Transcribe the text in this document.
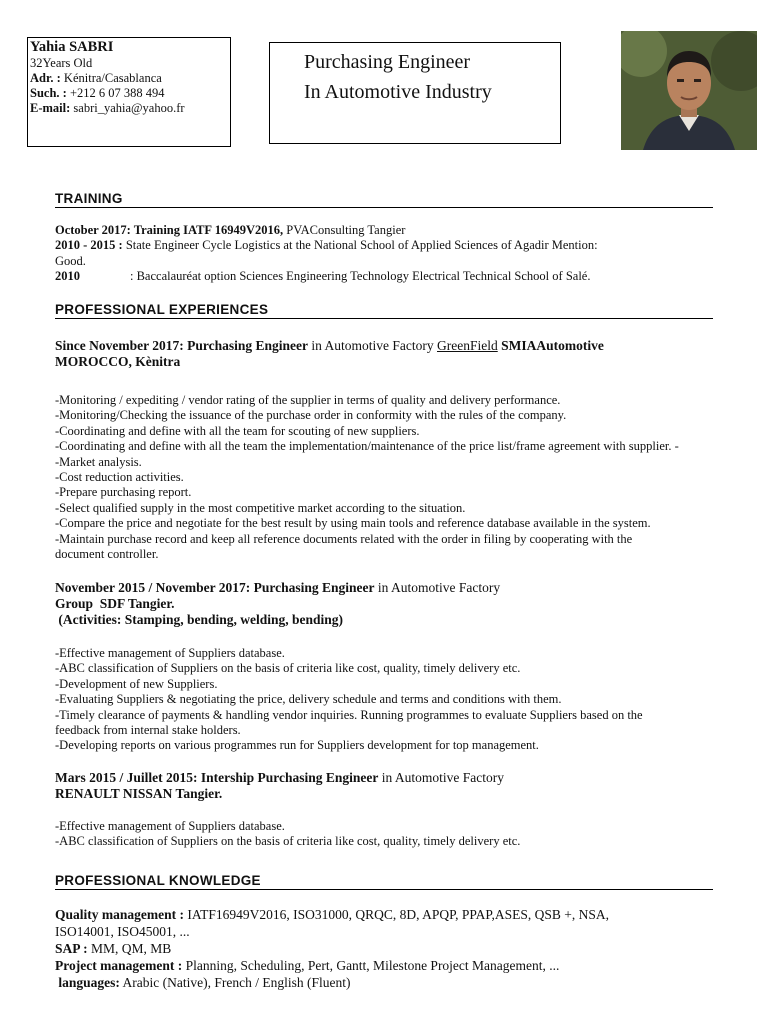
Yahia SABRI
32Years Old
Adr. : Kénitra/Casablanca
Such. : +212 6 07 388 494
E-mail: sabri_yahia@yahoo.fr
Purchasing Engineer
In Automotive Industry
TRAINING
October 2017: Training IATF 16949V2016, PVAConsulting Tangier
2010 - 2015 : State Engineer Cycle Logistics at the National School of Applied Sciences of Agadir Mention:
Good.
2010	: Baccalauréat option Sciences Engineering Technology Electrical Technical School of Salé.
PROFESSIONAL EXPERIENCES
Since November 2017: Purchasing Engineer in Automotive Factory GreenField SMIAAutomotive
MOROCCO, Kènitra
-Monitoring / expediting / vendor rating of the supplier in terms of quality and delivery performance.
-Monitoring/Checking the issuance of the purchase order in conformity with the rules of the company.
-Coordinating and define with all the team for scouting of new suppliers.
-Coordinating and define with all the team the implementation/maintenance of the price list/frame agreement with supplier. -
-Market analysis.
-Cost reduction activities.
-Prepare purchasing report.
-Select qualified supply in the most competitive market according to the situation.
-Compare the price and negotiate for the best result by using main tools and reference database available in the system.
-Maintain purchase record and keep all reference documents related with the order in filing by cooperating with the
document controller.
November 2015 / November 2017: Purchasing Engineer in Automotive Factory
Group  SDF Tangier.
(Activities: Stamping, bending, welding, bending)
-Effective management of Suppliers database.
-ABC classification of Suppliers on the basis of criteria like cost, quality, timely delivery etc.
-Development of new Suppliers.
-Evaluating Suppliers & negotiating the price, delivery schedule and terms and conditions with them.
-Timely clearance of payments & handling vendor inquiries. Running programmes to evaluate Suppliers based on the
feedback from internal stake holders.
-Developing reports on various programmes run for Suppliers development for top management.
Mars 2015 / Juillet 2015: Intership Purchasing Engineer in Automotive Factory
RENAULT NISSAN Tangier.
-Effective management of Suppliers database.
-ABC classification of Suppliers on the basis of criteria like cost, quality, timely delivery etc.
PROFESSIONAL KNOWLEDGE
Quality management : IATF16949V2016, ISO31000, QRQC, 8D, APQP, PPAP,ASES, QSB +, NSA,
ISO14001, ISO45001, ...
SAP : MM, QM, MB
Project management : Planning, Scheduling, Pert, Gantt, Milestone Project Management, ...
languages: Arabic (Native), French / English (Fluent)
